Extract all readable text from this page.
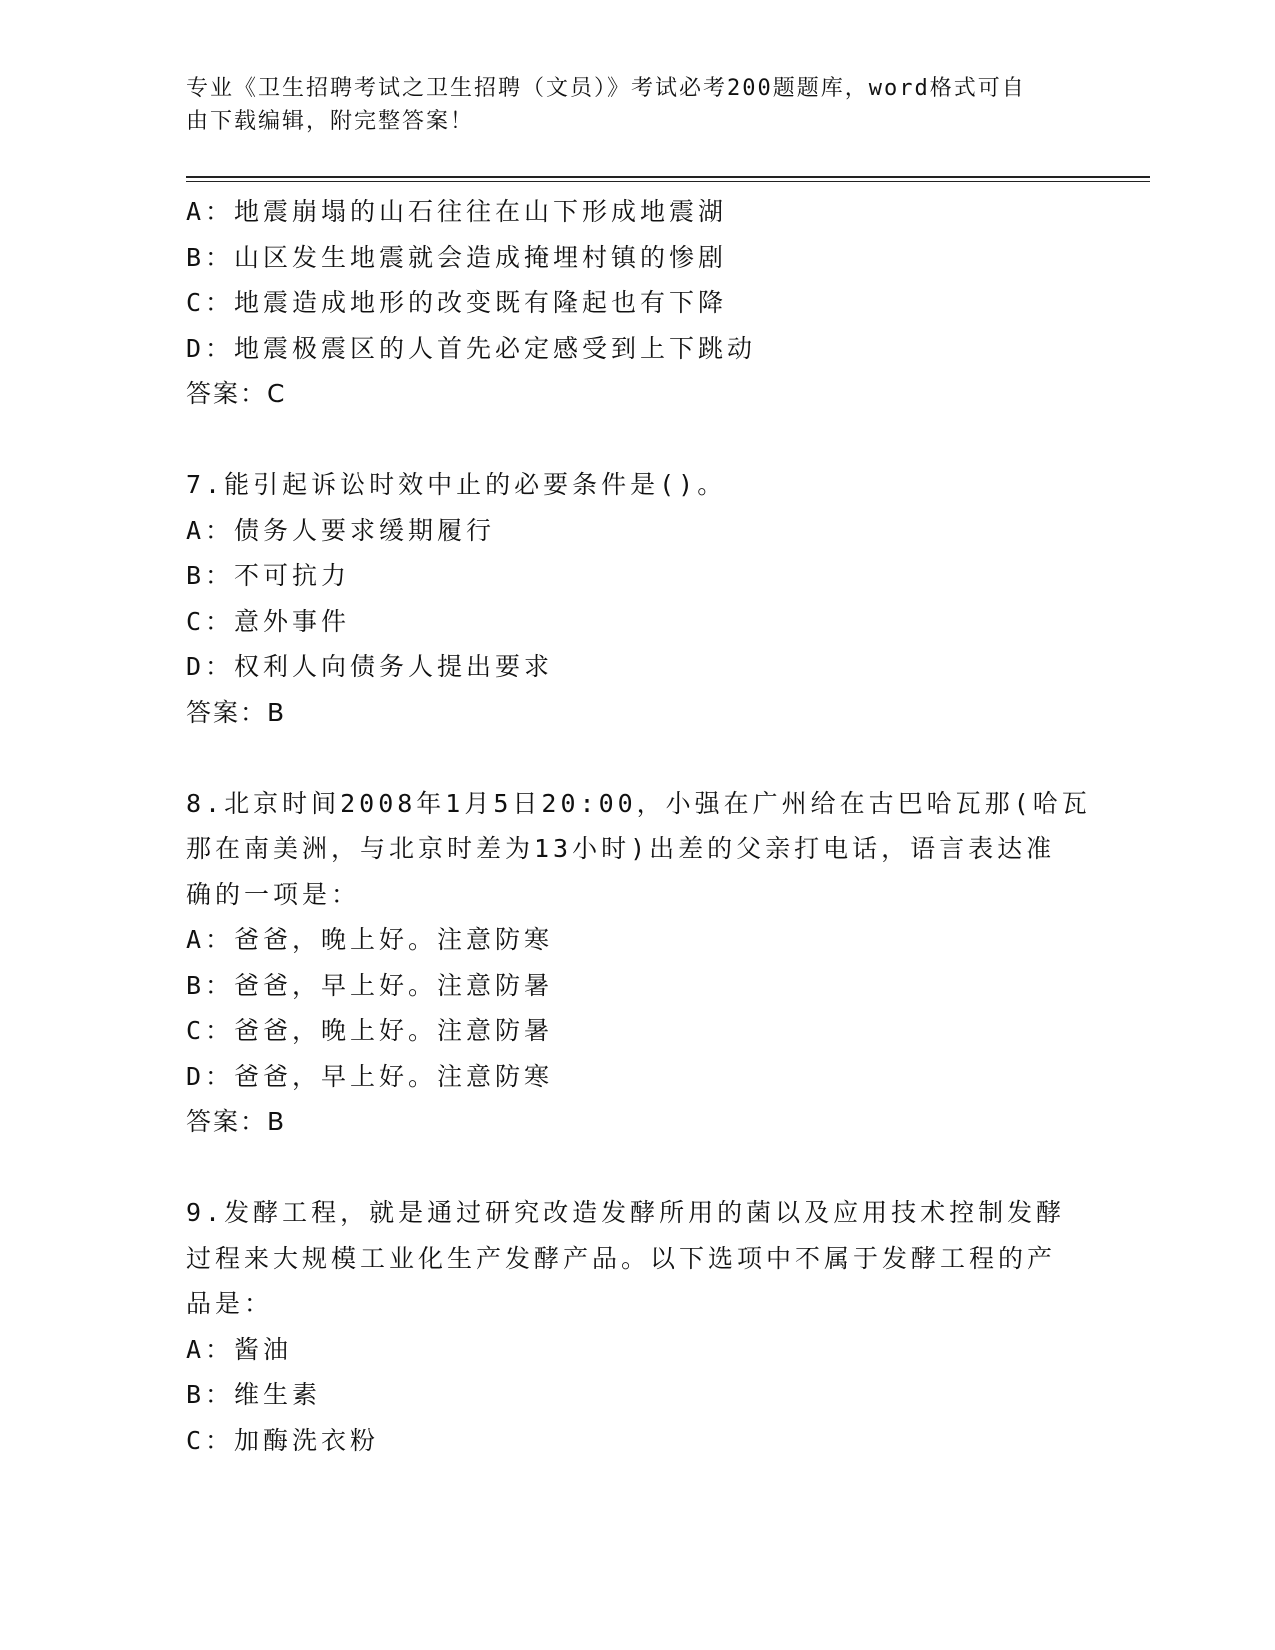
专业《卫生招聘考试之卫生招聘（文员）》考试必考200题题库，word格式可自
由下载编辑，附完整答案！
A：地震崩塌的山石往往在山下形成地震湖
B：山区发生地震就会造成掩埋村镇的惨剧
C：地震造成地形的改变既有隆起也有下降
D：地震极震区的人首先必定感受到上下跳动
答案：C
7.能引起诉讼时效中止的必要条件是()。
A：债务人要求缓期履行
B：不可抗力
C：意外事件
D：权利人向债务人提出要求
答案：B
8.北京时间2008年1月5日20:00，小强在广州给在古巴哈瓦那(哈瓦
那在南美洲，与北京时差为13小时)出差的父亲打电话，语言表达准
确的一项是：
A：爸爸，晚上好。注意防寒
B：爸爸，早上好。注意防暑
C：爸爸，晚上好。注意防暑
D：爸爸，早上好。注意防寒
答案：B
9.发酵工程，就是通过研究改造发酵所用的菌以及应用技术控制发酵
过程来大规模工业化生产发酵产品。以下选项中不属于发酵工程的产
品是：
A：酱油
B：维生素
C：加酶洗衣粉
